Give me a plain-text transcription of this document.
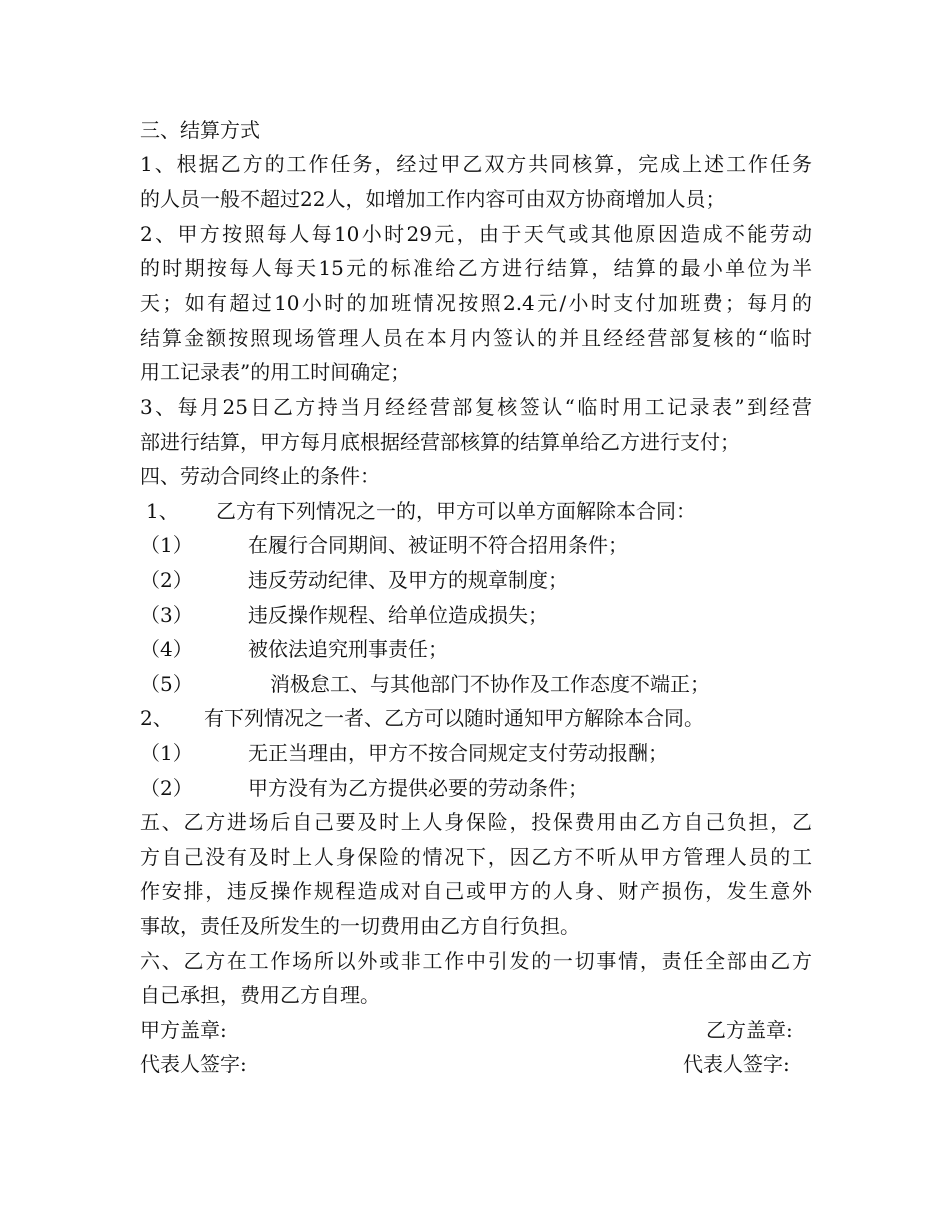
三、结算方式
1、根据乙方的工作任务，经过甲乙双方共同核算，完成上述工作任务
的人员一般不超过22人，如增加工作内容可由双方协商增加人员；
2、甲方按照每人每10小时29元，由于天气或其他原因造成不能劳动
的时期按每人每天15元的标准给乙方进行结算，结算的最小单位为半
天；如有超过10小时的加班情况按照2.4元/小时支付加班费；每月的
结算金额按照现场管理人员在本月内签认的并且经经营部复核的“临时
用工记录表”的用工时间确定；
3、每月25日乙方持当月经经营部复核签认“临时用工记录表”到经营
部进行结算，甲方每月底根据经营部核算的结算单给乙方进行支付；
四、劳动合同终止的条件：
1、 乙方有下列情况之一的，甲方可以单方面解除本合同：
（1）	在履行合同期间、被证明不符合招用条件；
（2）	违反劳动纪律、及甲方的规章制度；
（3）	违反操作规程、给单位造成损失；
（4）	被依法追究刑事责任；
（5）	消极怠工、与其他部门不协作及工作态度不端正；
2、 有下列情况之一者、乙方可以随时通知甲方解除本合同。
（1）	无正当理由，甲方不按合同规定支付劳动报酬；
（2）	甲方没有为乙方提供必要的劳动条件；
五、乙方进场后自己要及时上人身保险，投保费用由乙方自己负担，乙
方自己没有及时上人身保险的情况下，因乙方不听从甲方管理人员的工
作安排，违反操作规程造成对自己或甲方的人身、财产损伤，发生意外
事故，责任及所发生的一切费用由乙方自行负担。
六、乙方在工作场所以外或非工作中引发的一切事情，责任全部由乙方
自己承担，费用乙方自理。
甲方盖章:	乙方盖章:
代表人签字:	代表人签字:
